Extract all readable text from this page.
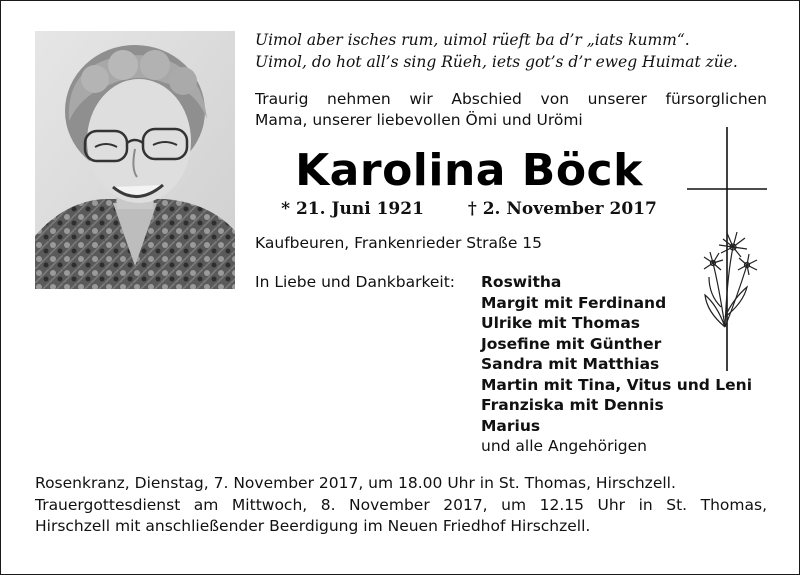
Uimol aber isches rum, uimol rüeft ba d’r „iats kumm“.
Uimol, do hot all’s sing Rüeh, iets got’s d’r eweg Huimat züe.
Traurig nehmen wir Abschied von unserer fürsorglichen
Mama, unserer liebevollen Ömi und Urömi
Karolina Böck
* 21. Juni 1921	† 2. November 2017
Kaufbeuren, Frankenrieder Straße 15
In Liebe und Dankbarkeit: Roswitha
Margit mit Ferdinand
Ulrike mit Thomas
Josefine mit Günther
Sandra mit Matthias
Martin mit Tina, Vitus und Leni
Franziska mit Dennis
Marius
und alle Angehörigen
Rosenkranz, Dienstag, 7. November 2017, um 18.00 Uhr in St. Thomas, Hirschzell.
Trauergottesdienst am Mittwoch, 8. November 2017, um 12.15 Uhr in St. Thomas,
Hirschzell mit anschließender Beerdigung im Neuen Friedhof Hirschzell.
